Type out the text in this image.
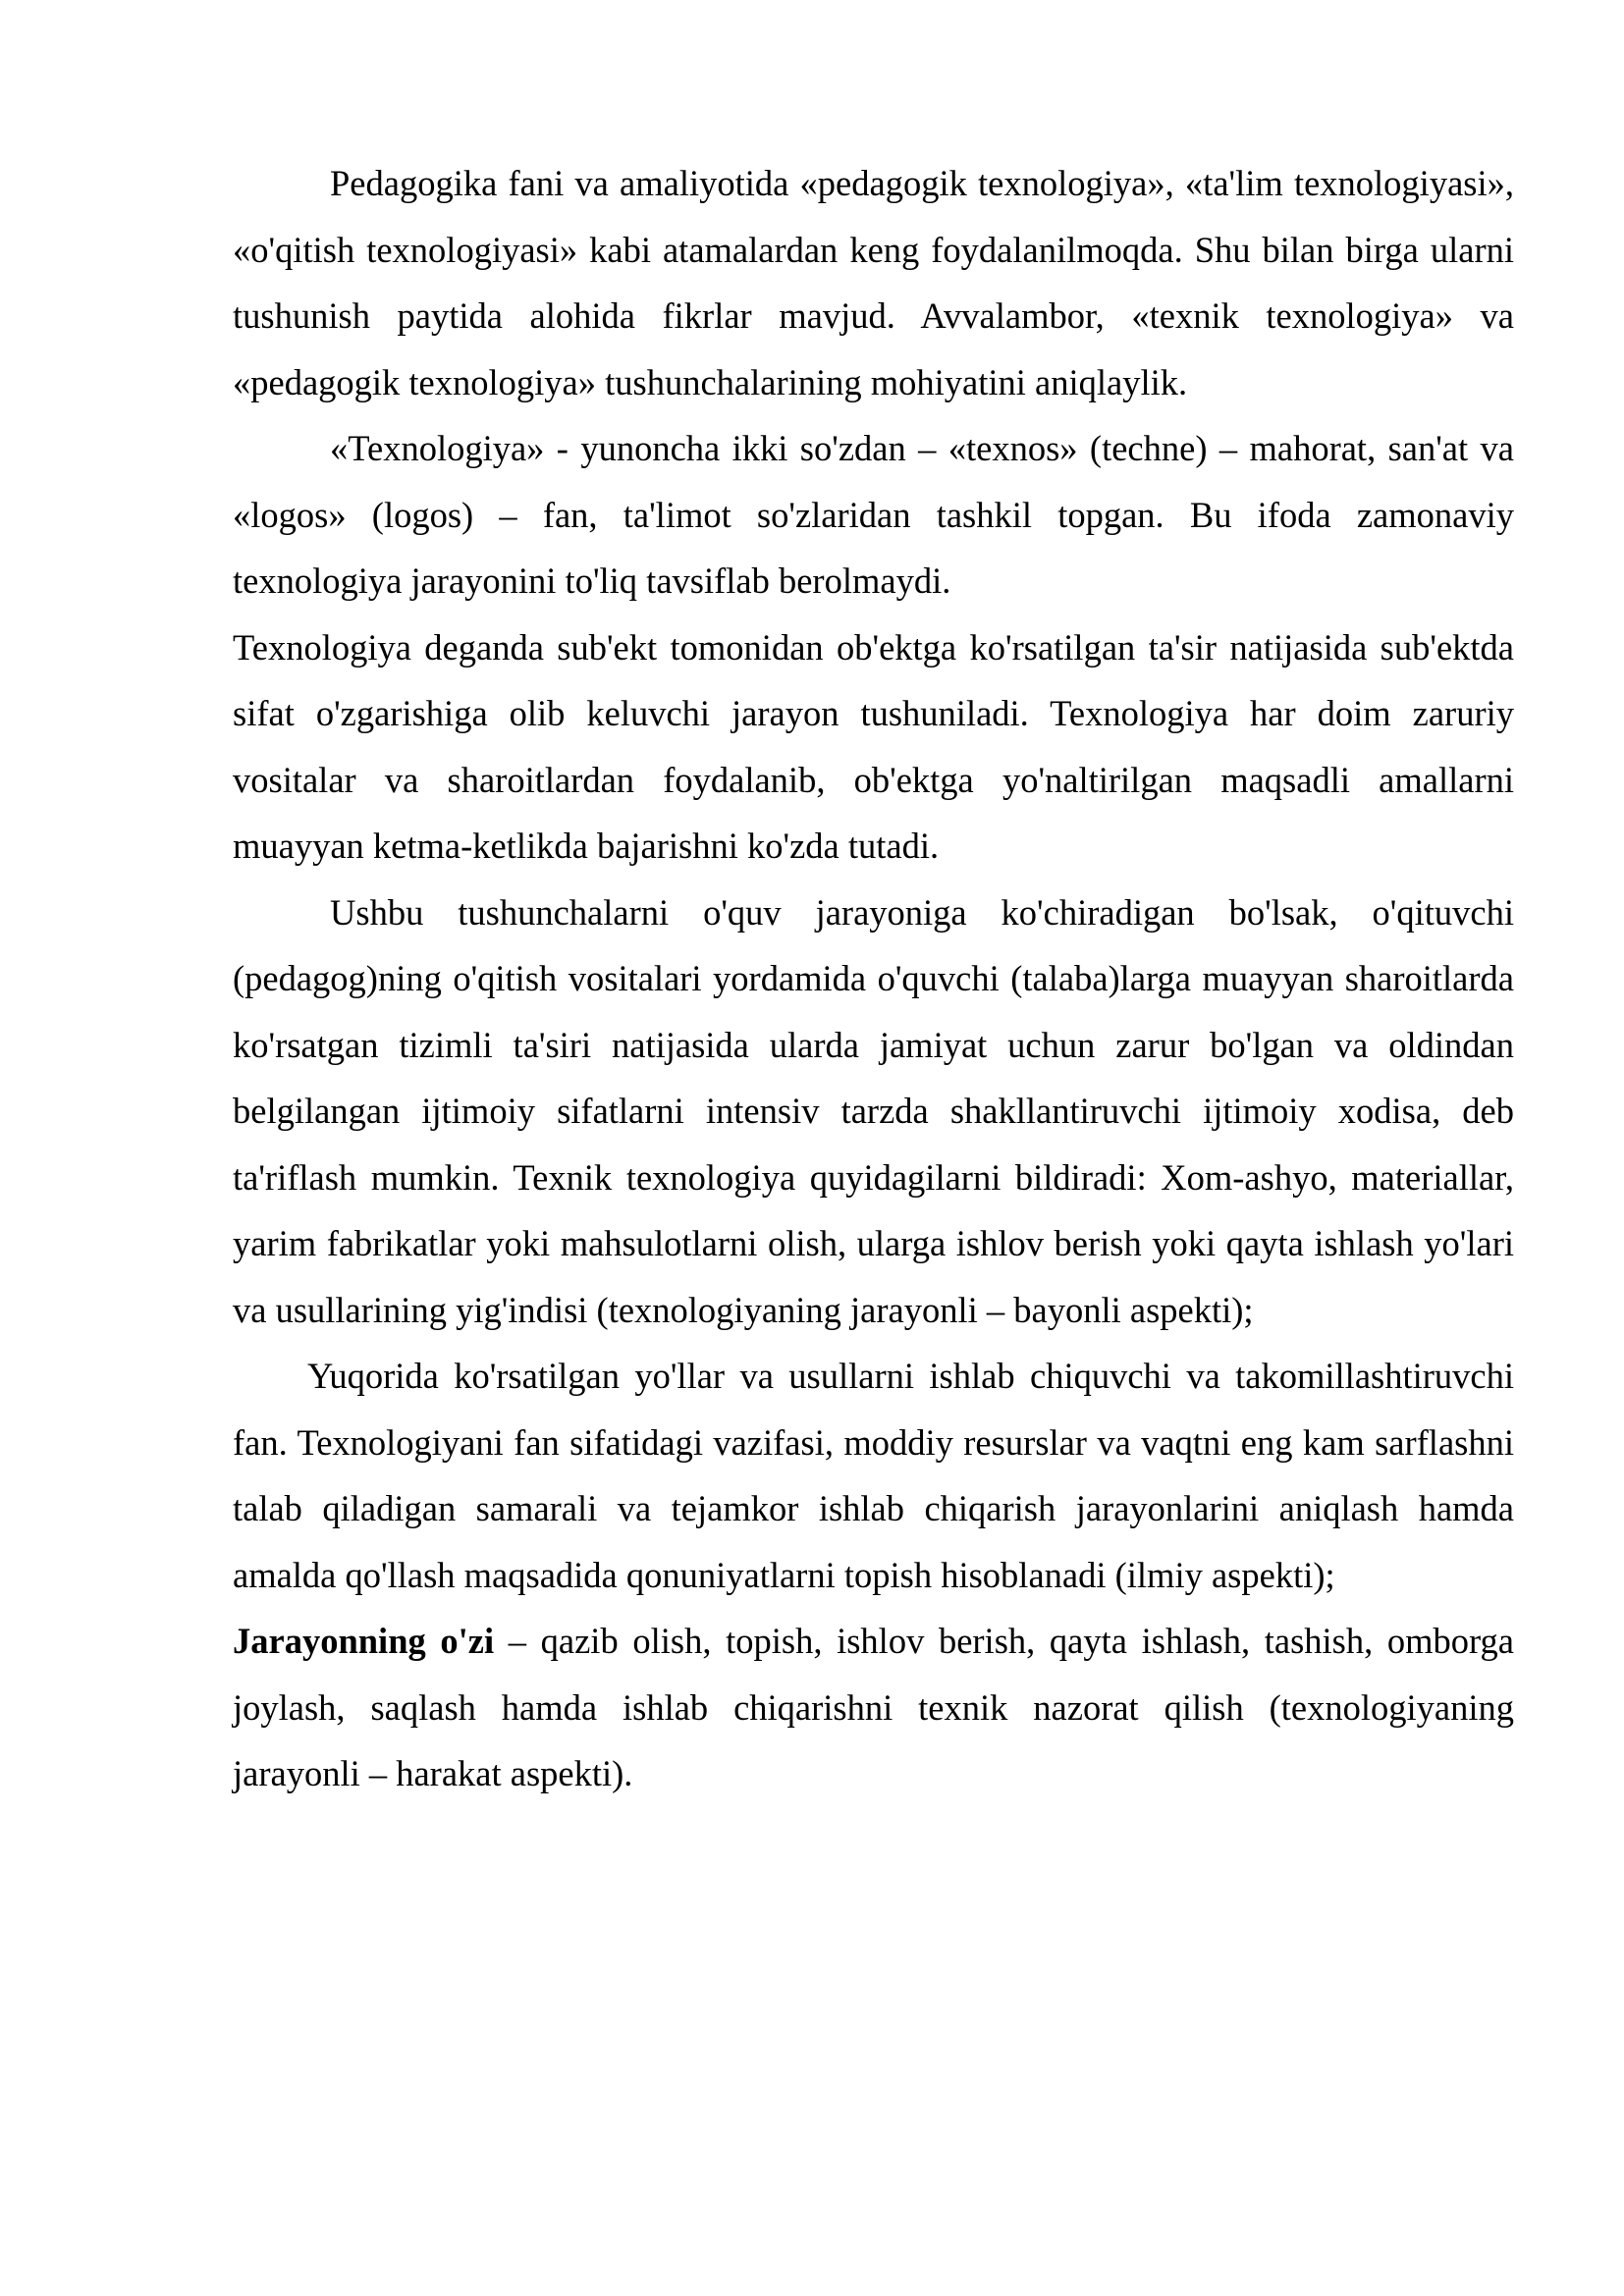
Pedagogika fani va amaliyotida «pedagogik texnologiya», «ta'lim texnologiyasi», «o'qitish texnologiyasi» kabi atamalardan keng foydalanilmoqda. Shu bilan birga ularni tushunish paytida alohida fikrlar mavjud. Avvalambor, «texnik texnologiya» va «pedagogik texnologiya» tushunchalarining mohiyatini aniqlaylik.

«Texnologiya» - yunoncha ikki so'zdan – «texnos» (techne) – mahorat, san'at va «logos» (logos) – fan, ta'limot so'zlaridan tashkil topgan. Bu ifoda zamonaviy texnologiya jarayonini to'liq tavsiflab berolmaydi.

Texnologiya deganda sub'ekt tomonidan ob'ektga ko'rsatilgan ta'sir natijasida sub'ektda sifat o'zgarishiga olib keluvchi jarayon tushuniladi. Texnologiya har doim zaruriy vositalar va sharoitlardan foydalanib, ob'ektga yo'naltirilgan maqsadli amallarni muayyan ketma-ketlikda bajarishni ko'zda tutadi.

Ushbu tushunchalarni o'quv jarayoniga ko'chiradigan bo'lsak, o'qituvchi (pedagog)ning o'qitish vositalari yordamida o'quvchi (talaba)larga muayyan sharoitlarda ko'rsatgan tizimli ta'siri natijasida ularda jamiyat uchun zarur bo'lgan va oldindan belgilangan ijtimoiy sifatlarni intensiv tarzda shakllantiruvchi ijtimoiy xodisa, deb ta'riflash mumkin. Texnik texnologiya quyidagilarni bildiradi: Xom-ashyo, materiallar, yarim fabrikatlar yoki mahsulotlarni olish, ularga ishlov berish yoki qayta ishlash yo'lari va usullarining yig'indisi (texnologiyaning jarayonli – bayonli aspekti);

Yuqorida ko'rsatilgan yo'llar va usullarni ishlab chiquvchi va takomillashtiruvchi fan. Texnologiyani fan sifatidagi vazifasi, moddiy resurslar va vaqtni eng kam sarflashni talab qiladigan samarali va tejamkor ishlab chiqarish jarayonlarini aniqlash hamda amalda qo'llash maqsadida qonuniyatlarni topish hisoblanadi (ilmiy aspekti);

Jarayonning o'zi – qazib olish, topish, ishlov berish, qayta ishlash, tashish, omborga joylash, saqlash hamda ishlab chiqarishni texnik nazorat qilish (texnologiyaning jarayonli – harakat aspekti).
